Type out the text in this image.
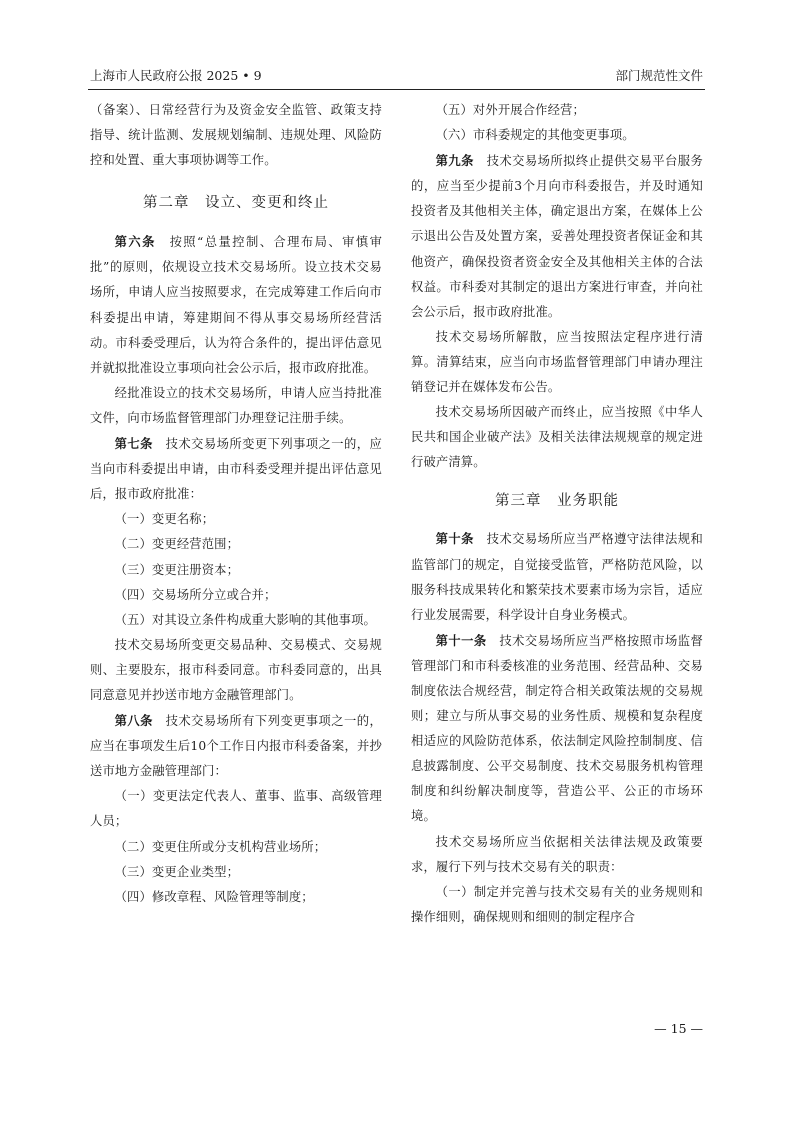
上海市人民政府公报 2025 • 9	部门规范性文件

（备案）、日常经营行为及资金安全监管、政策支持指导、统计监测、发展规划编制、违规处理、风险防控和处置、重大事项协调等工作。

第二章　设立、变更和终止

第六条　 按照“总量控制、合理布局、审慎审批”的原则，依规设立技术交易场所。设立技术交易场所，申请人应当按照要求，在完成筹建工作后向市科委提出申请，筹建期间不得从事交易场所经营活动。市科委受理后，认为符合条件的，提出评估意见并就拟批准设立事项向社会公示后，报市政府批准。

经批准设立的技术交易场所，申请人应当持批准文件，向市场监督管理部门办理登记注册手续。

第七条　 技术交易场所变更下列事项之一的，应当向市科委提出申请，由市科委受理并提出评估意见后，报市政府批准：

（一）变更名称；

（二）变更经营范围；

（三）变更注册资本；

（四）交易场所分立或合并；

（五）对其设立条件构成重大影响的其他事项。

技术交易场所变更交易品种、交易模式、交易规则、主要股东，报市科委同意。市科委同意的，出具同意意见并抄送市地方金融管理部门。

第八条　 技术交易场所有下列变更事项之一的，应当在事项发生后10个工作日内报市科委备案，并抄送市地方金融管理部门：

（一）变更法定代表人、董事、监事、高级管理人员；

（二）变更住所或分支机构营业场所；

（三）变更企业类型；

（四）修改章程、风险管理等制度；

（五）对外开展合作经营；

（六）市科委规定的其他变更事项。

第九条　 技术交易场所拟终止提供交易平台服务的，应当至少提前3个月向市科委报告，并及时通知投资者及其他相关主体，确定退出方案，在媒体上公示退出公告及处置方案，妥善处理投资者保证金和其他资产，确保投资者资金安全及其他相关主体的合法权益。市科委对其制定的退出方案进行审查，并向社会公示后，报市政府批准。

技术交易场所解散，应当按照法定程序进行清算。清算结束，应当向市场监督管理部门申请办理注销登记并在媒体发布公告。

技术交易场所因破产而终止，应当按照《中华人民共和国企业破产法》及相关法律法规规章的规定进行破产清算。

第三章　业务职能

第十条　 技术交易场所应当严格遵守法律法规和监管部门的规定，自觉接受监管，严格防范风险，以服务科技成果转化和繁荣技术要素市场为宗旨，适应行业发展需要，科学设计自身业务模式。

第十一条　 技术交易场所应当严格按照市场监督管理部门和市科委核准的业务范围、经营品种、交易制度依法合规经营，制定符合相关政策法规的交易规则；建立与所从事交易的业务性质、规模和复杂程度相适应的风险防范体系，依法制定风险控制制度、信息披露制度、公平交易制度、技术交易服务机构管理制度和纠纷解决制度等，营造公平、公正的市场环境。

技术交易场所应当依据相关法律法规及政策要求，履行下列与技术交易有关的职责：

（一）制定并完善与技术交易有关的业务规则和操作细则，确保规则和细则的制定程序合

— 15 —
